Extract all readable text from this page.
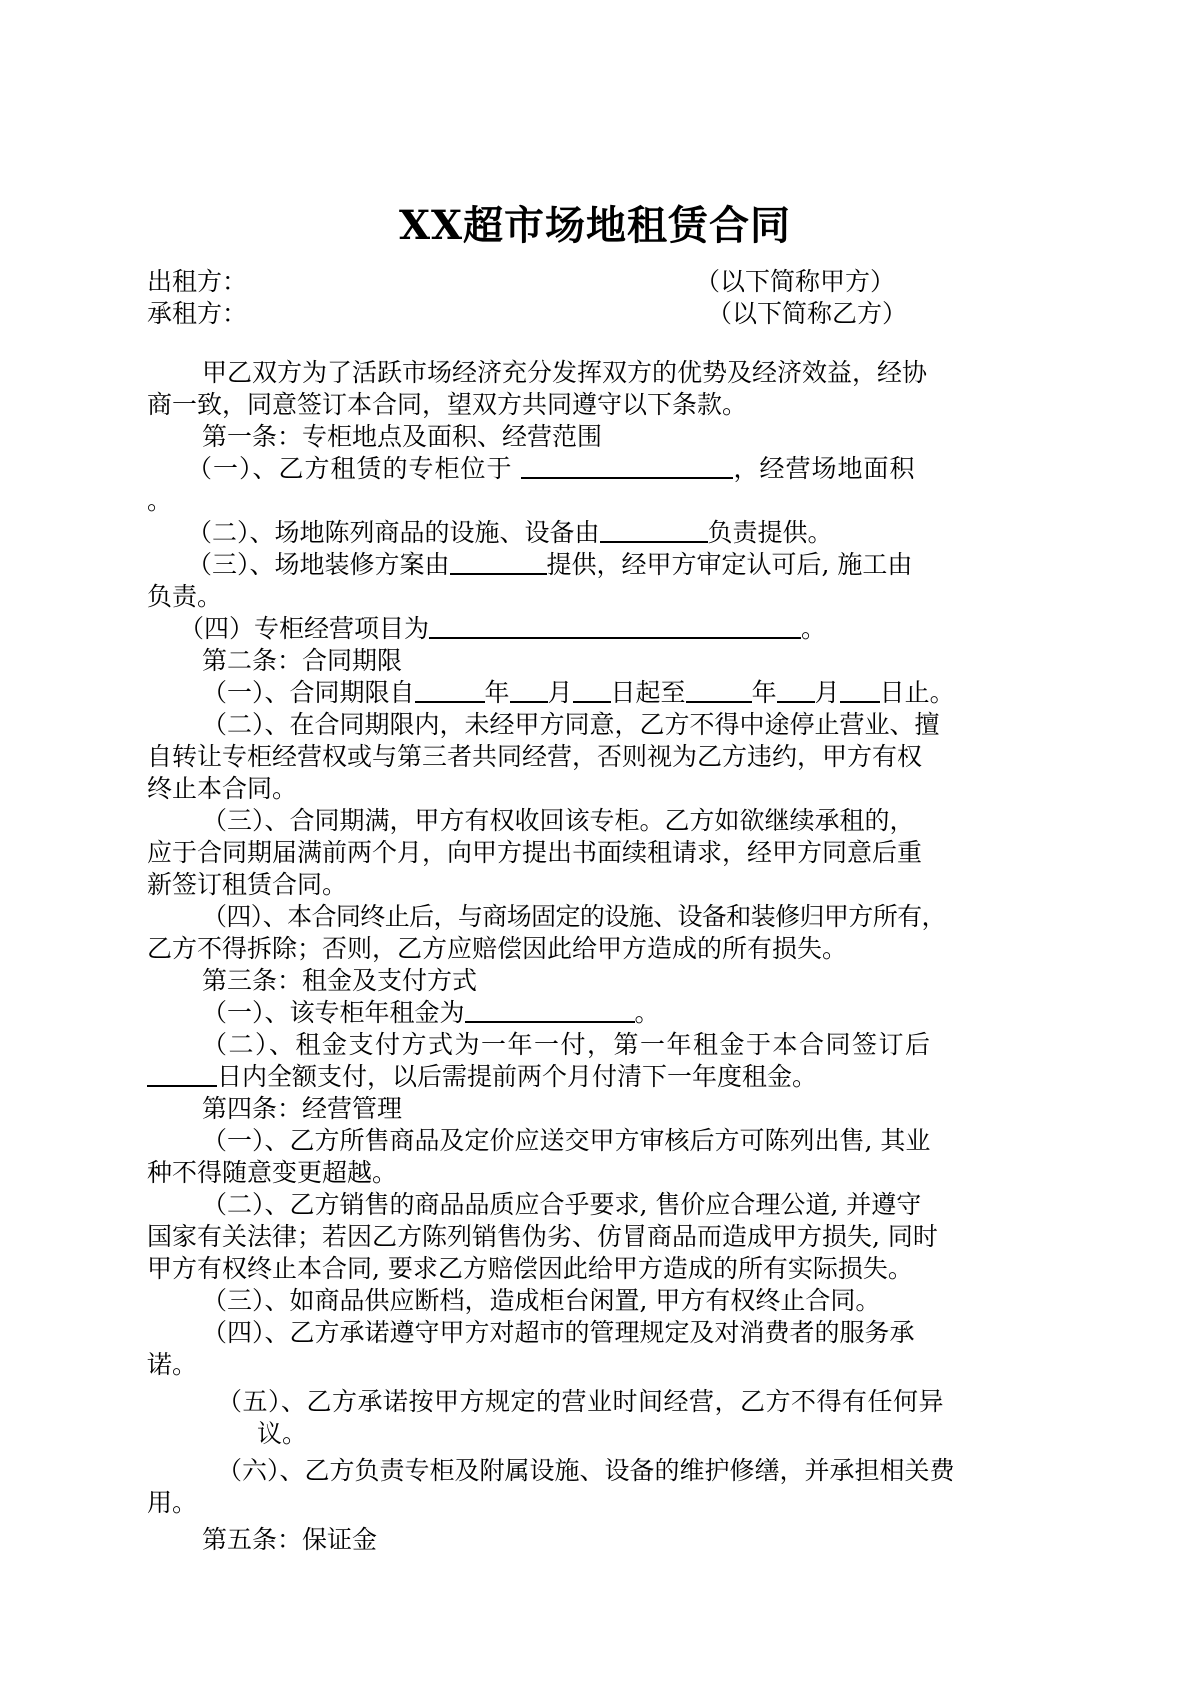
XX超市场地租赁合同
出租方：	（以下简称甲方）
承租方：	（以下简称乙方）
甲乙双方为了活跃市场经济充分发挥双方的优势及经济效益，经协
商一致，同意签订本合同，望双方共同遵守以下条款。
第一条：专柜地点及面积、经营范围
（一）、乙方租赁的专柜位于	，经营场地面积
。
（二）、场地陈列商品的设施、设备由	负责提供。
（三）、场地装修方案由	提供，经甲方审定认可后, 施工由
负责。
（四）专柜经营项目为	。
第二条：合同期限
（一）、合同期限自	年 月 日起至	年 月 日止。
（二）、在合同期限内，未经甲方同意，乙方不得中途停止营业、擅
自转让专柜经营权或与第三者共同经营，否则视为乙方违约，甲方有权
终止本合同。
（三）、合同期满，甲方有权收回该专柜。乙方如欲继续承租的，
应于合同期届满前两个月，向甲方提出书面续租请求，经甲方同意后重
新签订租赁合同。
（四）、本合同终止后，与商场固定的设施、设备和装修归甲方所有，
乙方不得拆除；否则，乙方应赔偿因此给甲方造成的所有损失。
第三条：租金及支付方式
（一）、该专柜年租金为	。
（二）、租金支付方式为一年一付，第一年租金于本合同签订后
日内全额支付，以后需提前两个月付清下一年度租金。
第四条：经营管理
（一）、乙方所售商品及定价应送交甲方审核后方可陈列出售, 其业
种不得随意变更超越。
（二）、乙方销售的商品品质应合乎要求, 售价应合理公道, 并遵守
国家有关法律；若因乙方陈列销售伪劣、仿冒商品而造成甲方损失, 同时
甲方有权终止本合同, 要求乙方赔偿因此给甲方造成的所有实际损失。
（三）、如商品供应断档，造成柜台闲置, 甲方有权终止合同。
（四）、乙方承诺遵守甲方对超市的管理规定及对消费者的服务承
诺。
（五）、乙方承诺按甲方规定的营业时间经营，乙方不得有任何异
议。
（六）、乙方负责专柜及附属设施、设备的维护修缮，并承担相关费
用。
第五条：保证金
